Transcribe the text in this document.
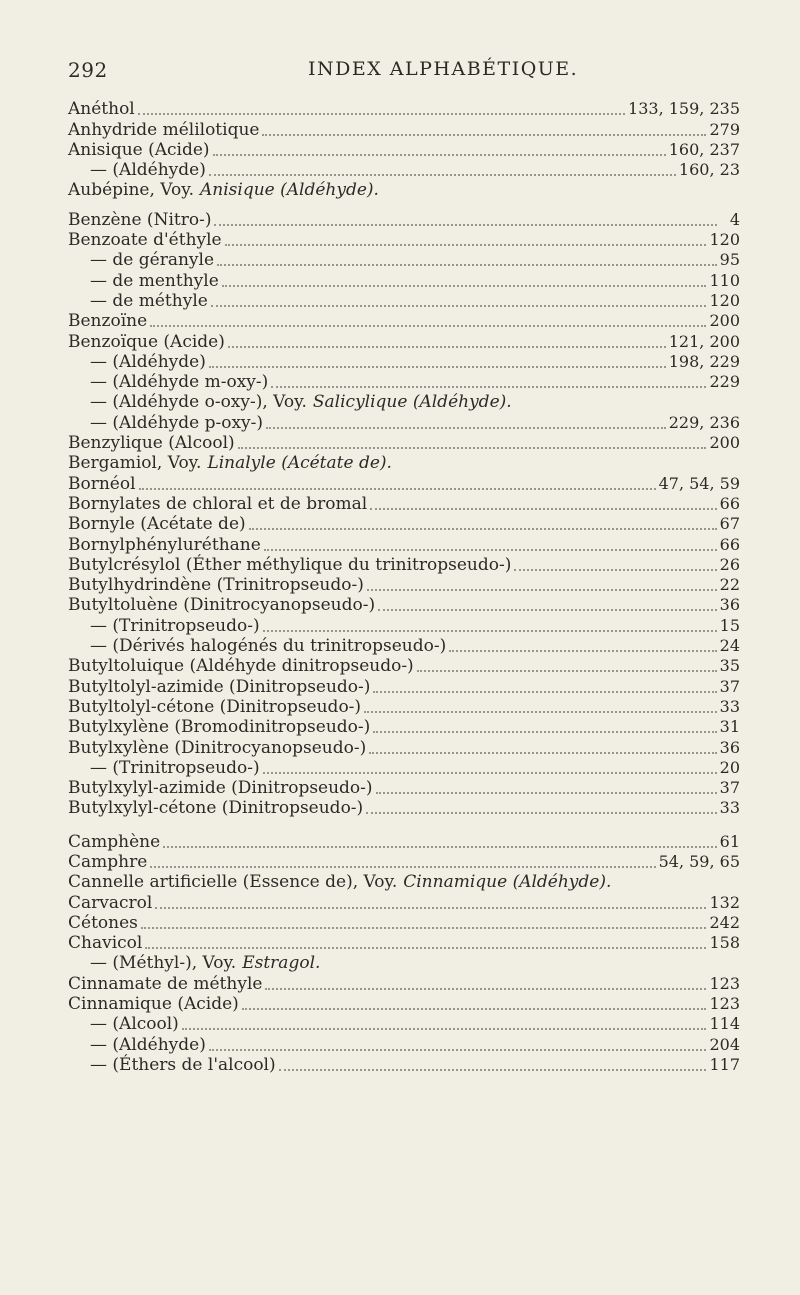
292	INDEX ALPHABÉTIQUE.
Anéthol	133, 159, 235
Anhydride mélilotique	279
Anisique (Acide)	160, 237
— (Aldéhyde)	160, 23
Aubépine, Voy. Anisique (Aldéhyde).
Benzène (Nitro-)	4
Benzoate d'éthyle	120
— de géranyle	95
— de menthyle	110
— de méthyle	120
Benzoïne	200
Benzoïque (Acide)	121, 200
— (Aldéhyde)	198, 229
— (Aldéhyde m-oxy-)	229
— (Aldéhyde o-oxy-), Voy. Salicylique (Aldéhyde).
— (Aldéhyde p-oxy-)	229, 236
Benzylique (Alcool)	200
Bergamiol, Voy. Linalyle (Acétate de).
Bornéol	47, 54, 59
Bornylates de chloral et de bromal	66
Bornyle (Acétate de)	67
Bornylphényluréthane	66
Butylcrésylol (Éther méthylique du trinitropseudo-)	26
Butylhydrindène (Trinitropseudo-)	22
Butyltoluène (Dinitrocyanopseudo-)	36
— (Trinitropseudo-)	15
— (Dérivés halogénés du trinitropseudo-)	24
Butyltoluique (Aldéhyde dinitropseudo-)	35
Butyltolyl-azimide (Dinitropseudo-)	37
Butyltolyl-cétone (Dinitropseudo-)	33
Butylxylène (Bromodinitropseudo-)	31
Butylxylène (Dinitrocyanopseudo-)	36
— (Trinitropseudo-)	20
Butylxylyl-azimide (Dinitropseudo-)	37
Butylxylyl-cétone (Dinitropseudo-)	33
Camphène	61
Camphre	54, 59, 65
Cannelle artificielle (Essence de), Voy. Cinnamique (Aldéhyde).
Carvacrol	132
Cétones	242
Chavicol	158
— (Méthyl-), Voy. Estragol.
Cinnamate de méthyle	123
Cinnamique (Acide)	123
— (Alcool)	114
— (Aldéhyde)	204
— (Éthers de l'alcool)	117
